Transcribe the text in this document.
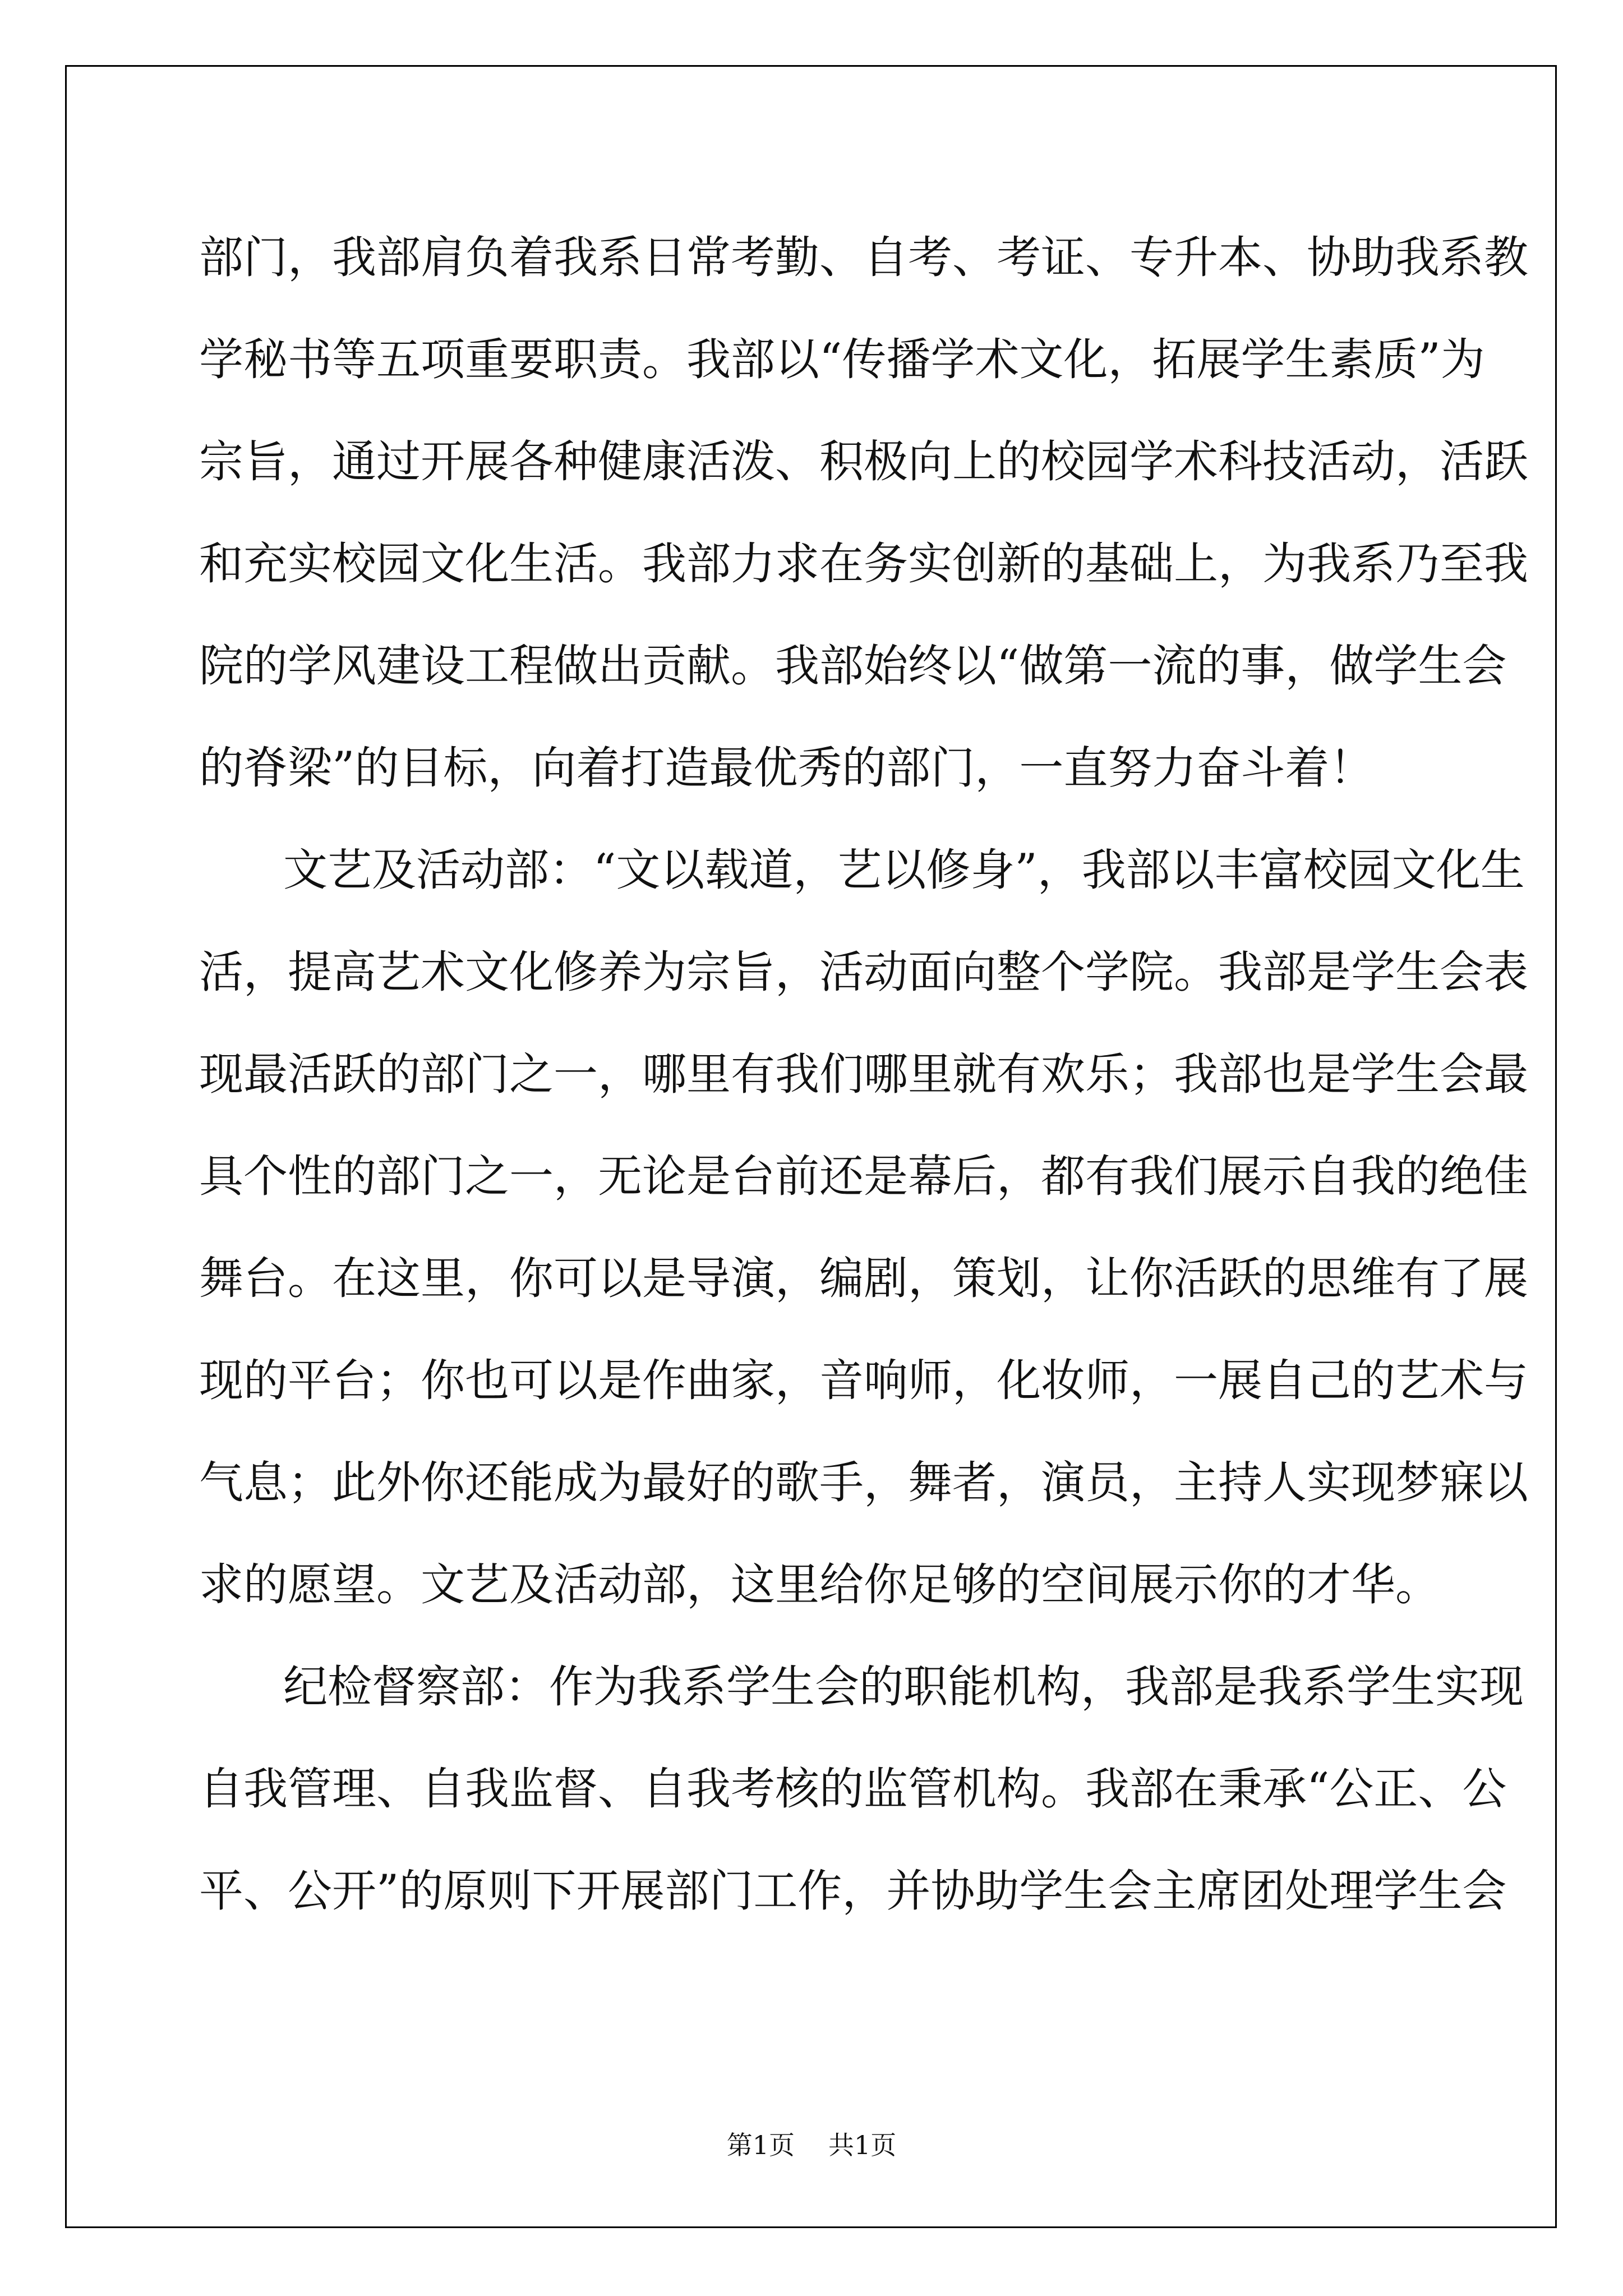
部门，我部肩负着我系日常考勤、自考、考证、专升本、协助我系教
学秘书等五项重要职责。我部以“传播学术文化，拓展学生素质”为
宗旨，通过开展各种健康活泼、积极向上的校园学术科技活动，活跃
和充实校园文化生活。我部力求在务实创新的基础上，为我系乃至我
院的学风建设工程做出贡献。我部始终以“做第一流的事，做学生会
的脊梁”的目标，向着打造最优秀的部门，一直努力奋斗着！
文艺及活动部：“文以载道，艺以修身”，我部以丰富校园文化生
活，提高艺术文化修养为宗旨，活动面向整个学院。我部是学生会表
现最活跃的部门之一，哪里有我们哪里就有欢乐；我部也是学生会最
具个性的部门之一，无论是台前还是幕后，都有我们展示自我的绝佳
舞台。在这里，你可以是导演，编剧，策划，让你活跃的思维有了展
现的平台；你也可以是作曲家，音响师，化妆师，一展自己的艺术与
气息；此外你还能成为最好的歌手，舞者，演员，主持人实现梦寐以
求的愿望。文艺及活动部，这里给你足够的空间展示你的才华。
纪检督察部：作为我系学生会的职能机构，我部是我系学生实现
自我管理、自我监督、自我考核的监管机构。我部在秉承“公正、公
平、公开”的原则下开展部门工作，并协助学生会主席团处理学生会
第1页 共1页
